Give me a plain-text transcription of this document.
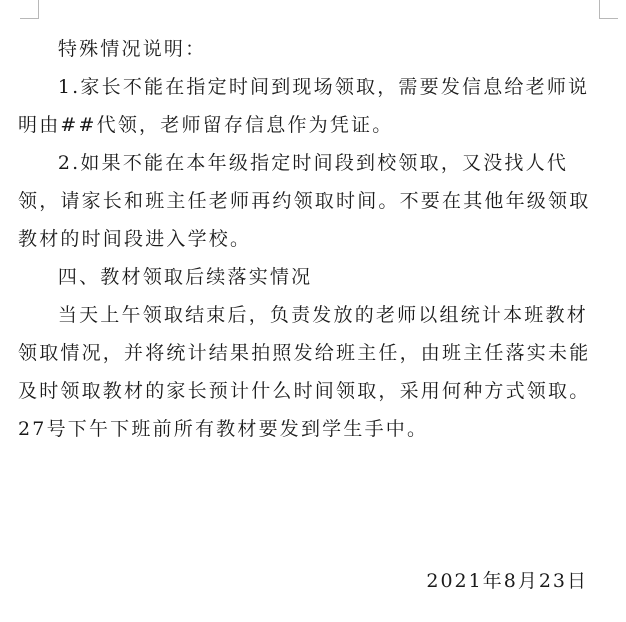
特殊情况说明：

1.家长不能在指定时间到现场领取，需要发信息给老师说明由##代领，老师留存信息作为凭证。

2.如果不能在本年级指定时间段到校领取，又没找人代领，请家长和班主任老师再约领取时间。不要在其他年级领取教材的时间段进入学校。

四、教材领取后续落实情况

当天上午领取结束后，负责发放的老师以组统计本班教材领取情况，并将统计结果拍照发给班主任，由班主任落实未能及时领取教材的家长预计什么时间领取，采用何种方式领取。

27号下午下班前所有教材要发到学生手中。

2021年8月23日
